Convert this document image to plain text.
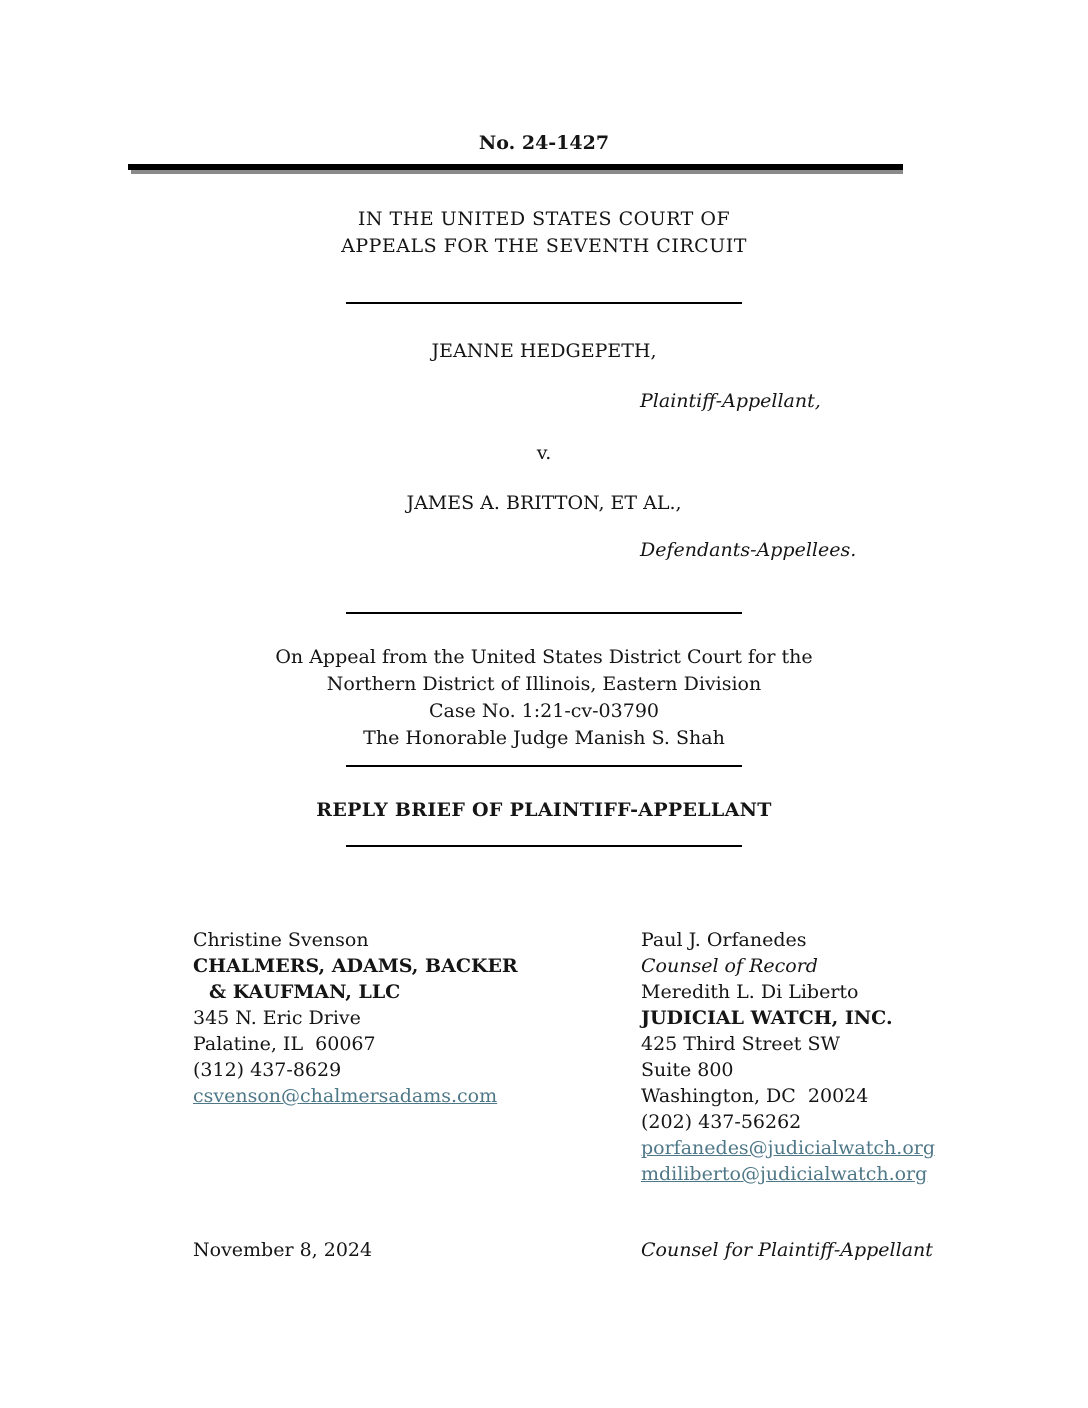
No. 24-1427
IN THE UNITED STATES COURT OF
APPEALS FOR THE SEVENTH CIRCUIT
JEANNE HEDGEPETH,
Plaintiff-Appellant,
v.
JAMES A. BRITTON, ET AL.,
Defendants-Appellees.
On Appeal from the United States District Court for the
Northern District of Illinois, Eastern Division
Case No. 1:21-cv-03790
The Honorable Judge Manish S. Shah
REPLY BRIEF OF PLAINTIFF-APPELLANT
Christine Svenson
CHALMERS, ADAMS, BACKER
& KAUFMAN, LLC
345 N. Eric Drive
Palatine, IL  60067
(312) 437-8629
csvenson@chalmersadams.com
Paul J. Orfanedes
Counsel of Record
Meredith L. Di Liberto
JUDICIAL WATCH, INC.
425 Third Street SW
Suite 800
Washington, DC  20024
(202) 437-56262
porfanedes@judicialwatch.org
mdiliberto@judicialwatch.org
November 8, 2024	Counsel for Plaintiff-Appellant
